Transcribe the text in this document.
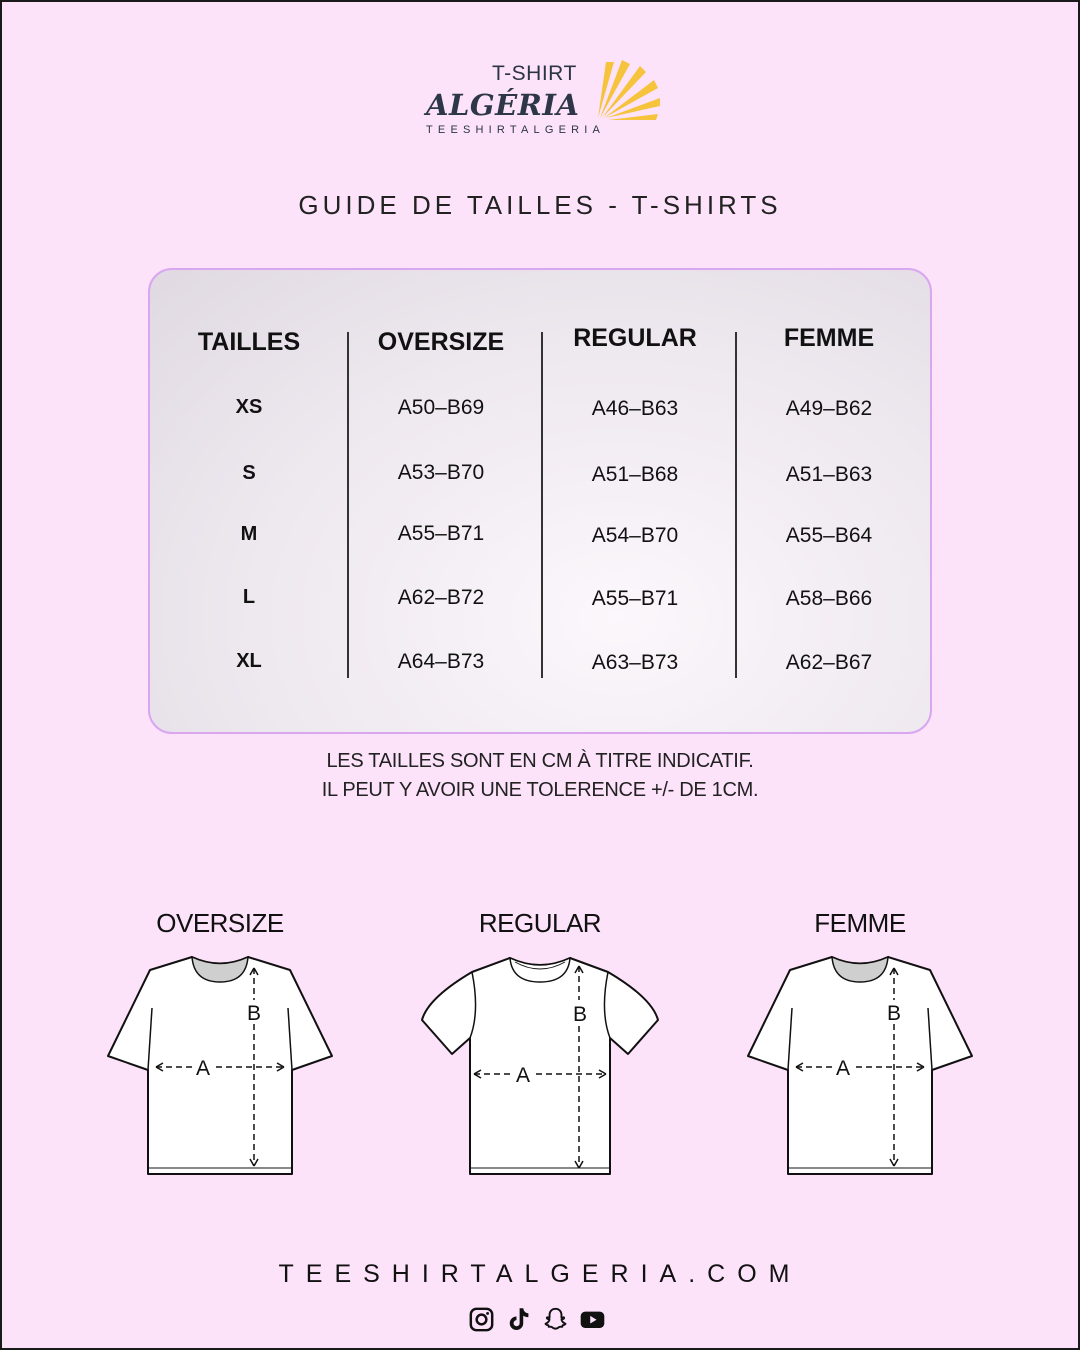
T-SHIRT
ALGÉRIA
TEESHIRTALGERIA
GUIDE DE TAILLES - T-SHIRTS
TAILLES	OVERSIZE	REGULAR	FEMME
XS	A50–B69	A46–B63	A49–B62
S	A53–B70	A51–B68	A51–B63
M	A55–B71	A54–B70	A55–B64
L	A62–B72	A55–B71	A58–B66
XL	A64–B73	A63–B73	A62–B67
LES TAILLES SONT EN CM À TITRE INDICATIF.
IL PEUT Y AVOIR UNE TOLERENCE +/- DE 1CM.
OVERSIZE	REGULAR	FEMME
A
B
A
B
A
B
TEESHIRTALGERIA.COM
